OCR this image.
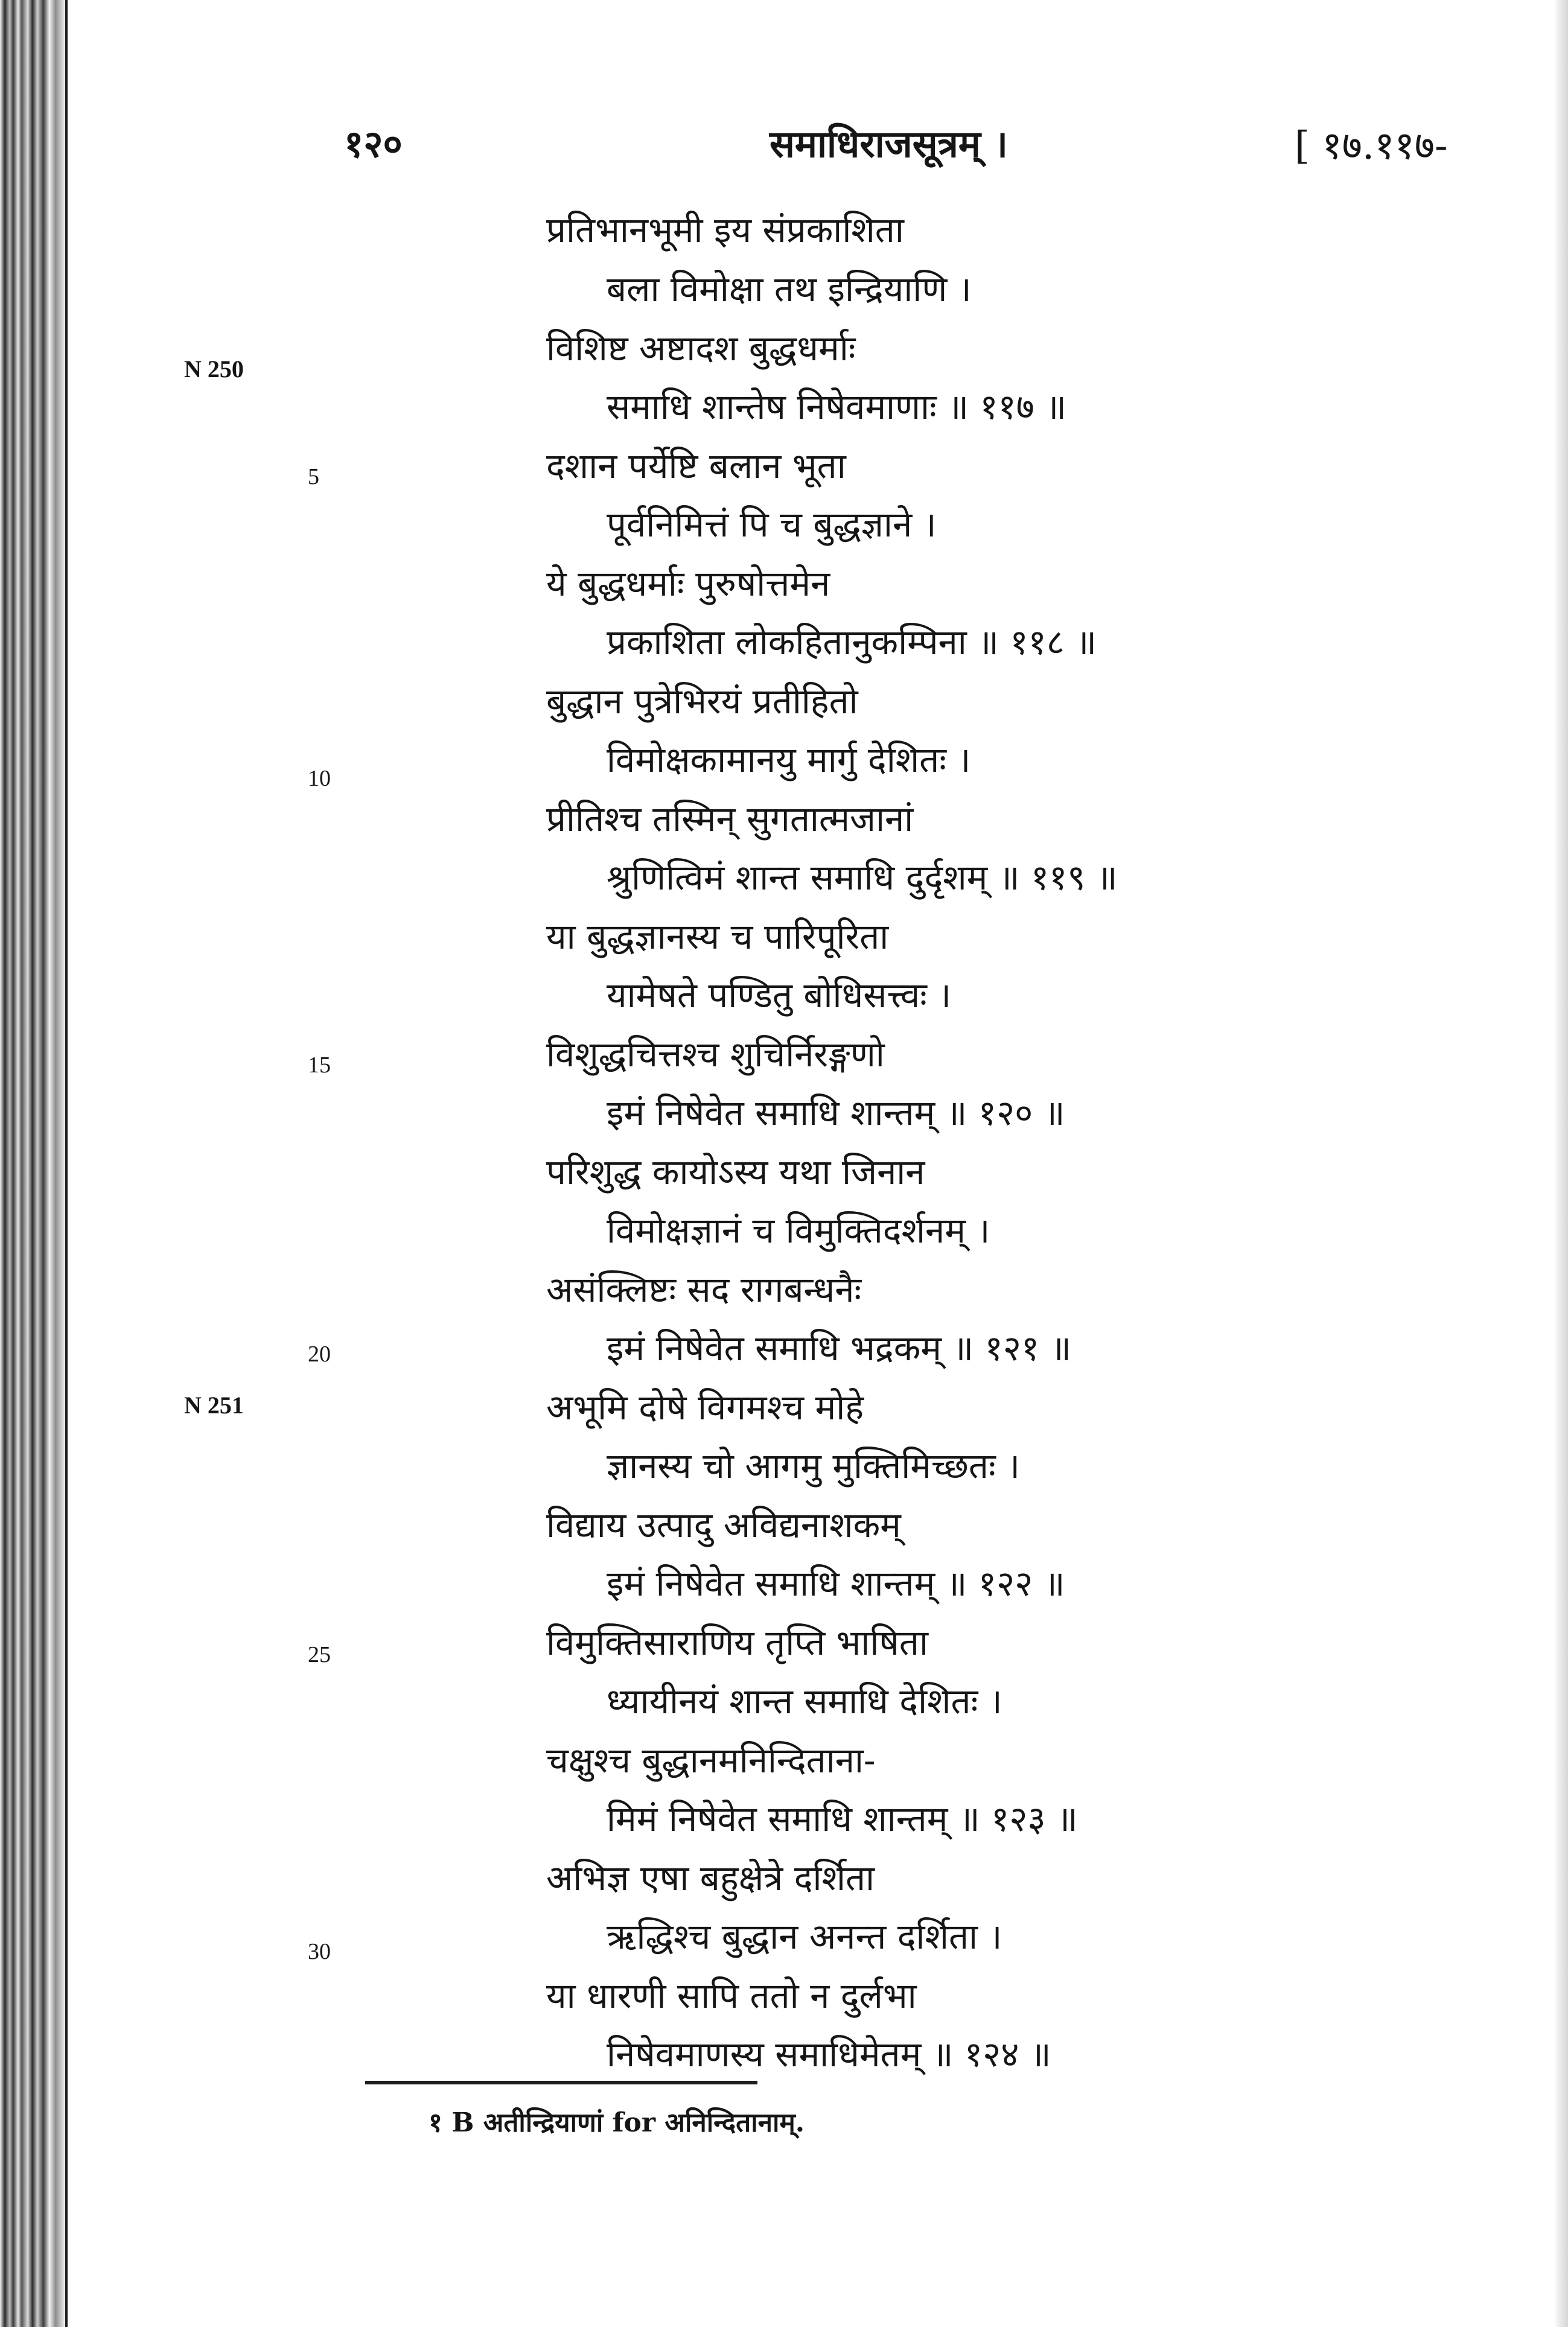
१२०	समाधिराजसूत्रम् ।	[ १७.११७-
N 250
N 251
5
10
15
20
25
30
प्रतिभानभूमी इय संप्रकाशिता
बला विमोक्षा तथ इन्द्रियाणि ।
विशिष्ट अष्टादश बुद्धधर्माः
समाधि शान्तेष निषेवमाणाः ॥ ११७ ॥
दशान पर्येष्टि बलान भूता
पूर्वनिमित्तं पि च बुद्धज्ञाने ।
ये बुद्धधर्माः पुरुषोत्तमेन
प्रकाशिता लोकहितानुकम्पिना ॥ ११८ ॥
बुद्धान पुत्रेभिरयं प्रतीहितो
विमोक्षकामानयु मार्गु देशितः ।
प्रीतिश्च तस्मिन् सुगतात्मजानां
श्रुणित्विमं शान्त समाधि दुर्दृशम् ॥ ११९ ॥
या बुद्धज्ञानस्य च पारिपूरिता
यामेषते पण्डितु बोधिसत्त्वः ।
विशुद्धचित्तश्च शुचिर्निरङ्गणो
इमं निषेवेत समाधि शान्तम् ॥ १२० ॥
परिशुद्ध कायोऽस्य यथा जिनान
विमोक्षज्ञानं च विमुक्तिदर्शनम् ।
असंक्लिष्टः सद रागबन्धनैः
इमं निषेवेत समाधि भद्रकम् ॥ १२१ ॥
अभूमि दोषे विगमश्च मोहे
ज्ञानस्य चो आगमु मुक्तिमिच्छतः ।
विद्याय उत्पादु अविद्यनाशकम्
इमं निषेवेत समाधि शान्तम् ॥ १२२ ॥
विमुक्तिसाराणिय तृप्ति भाषिता
ध्यायीनयं शान्त समाधि देशितः ।
चक्षुश्च बुद्धानमनिन्दिताना-
मिमं निषेवेत समाधि शान्तम् ॥ १२३ ॥
अभिज्ञ एषा बहुक्षेत्रे दर्शिता
ऋद्धिश्च बुद्धान अनन्त दर्शिता ।
या धारणी सापि ततो न दुर्लभा
निषेवमाणस्य समाधिमेतम् ॥ १२४ ॥
१ B अतीन्द्रियाणां for अनिन्दितानाम्.
